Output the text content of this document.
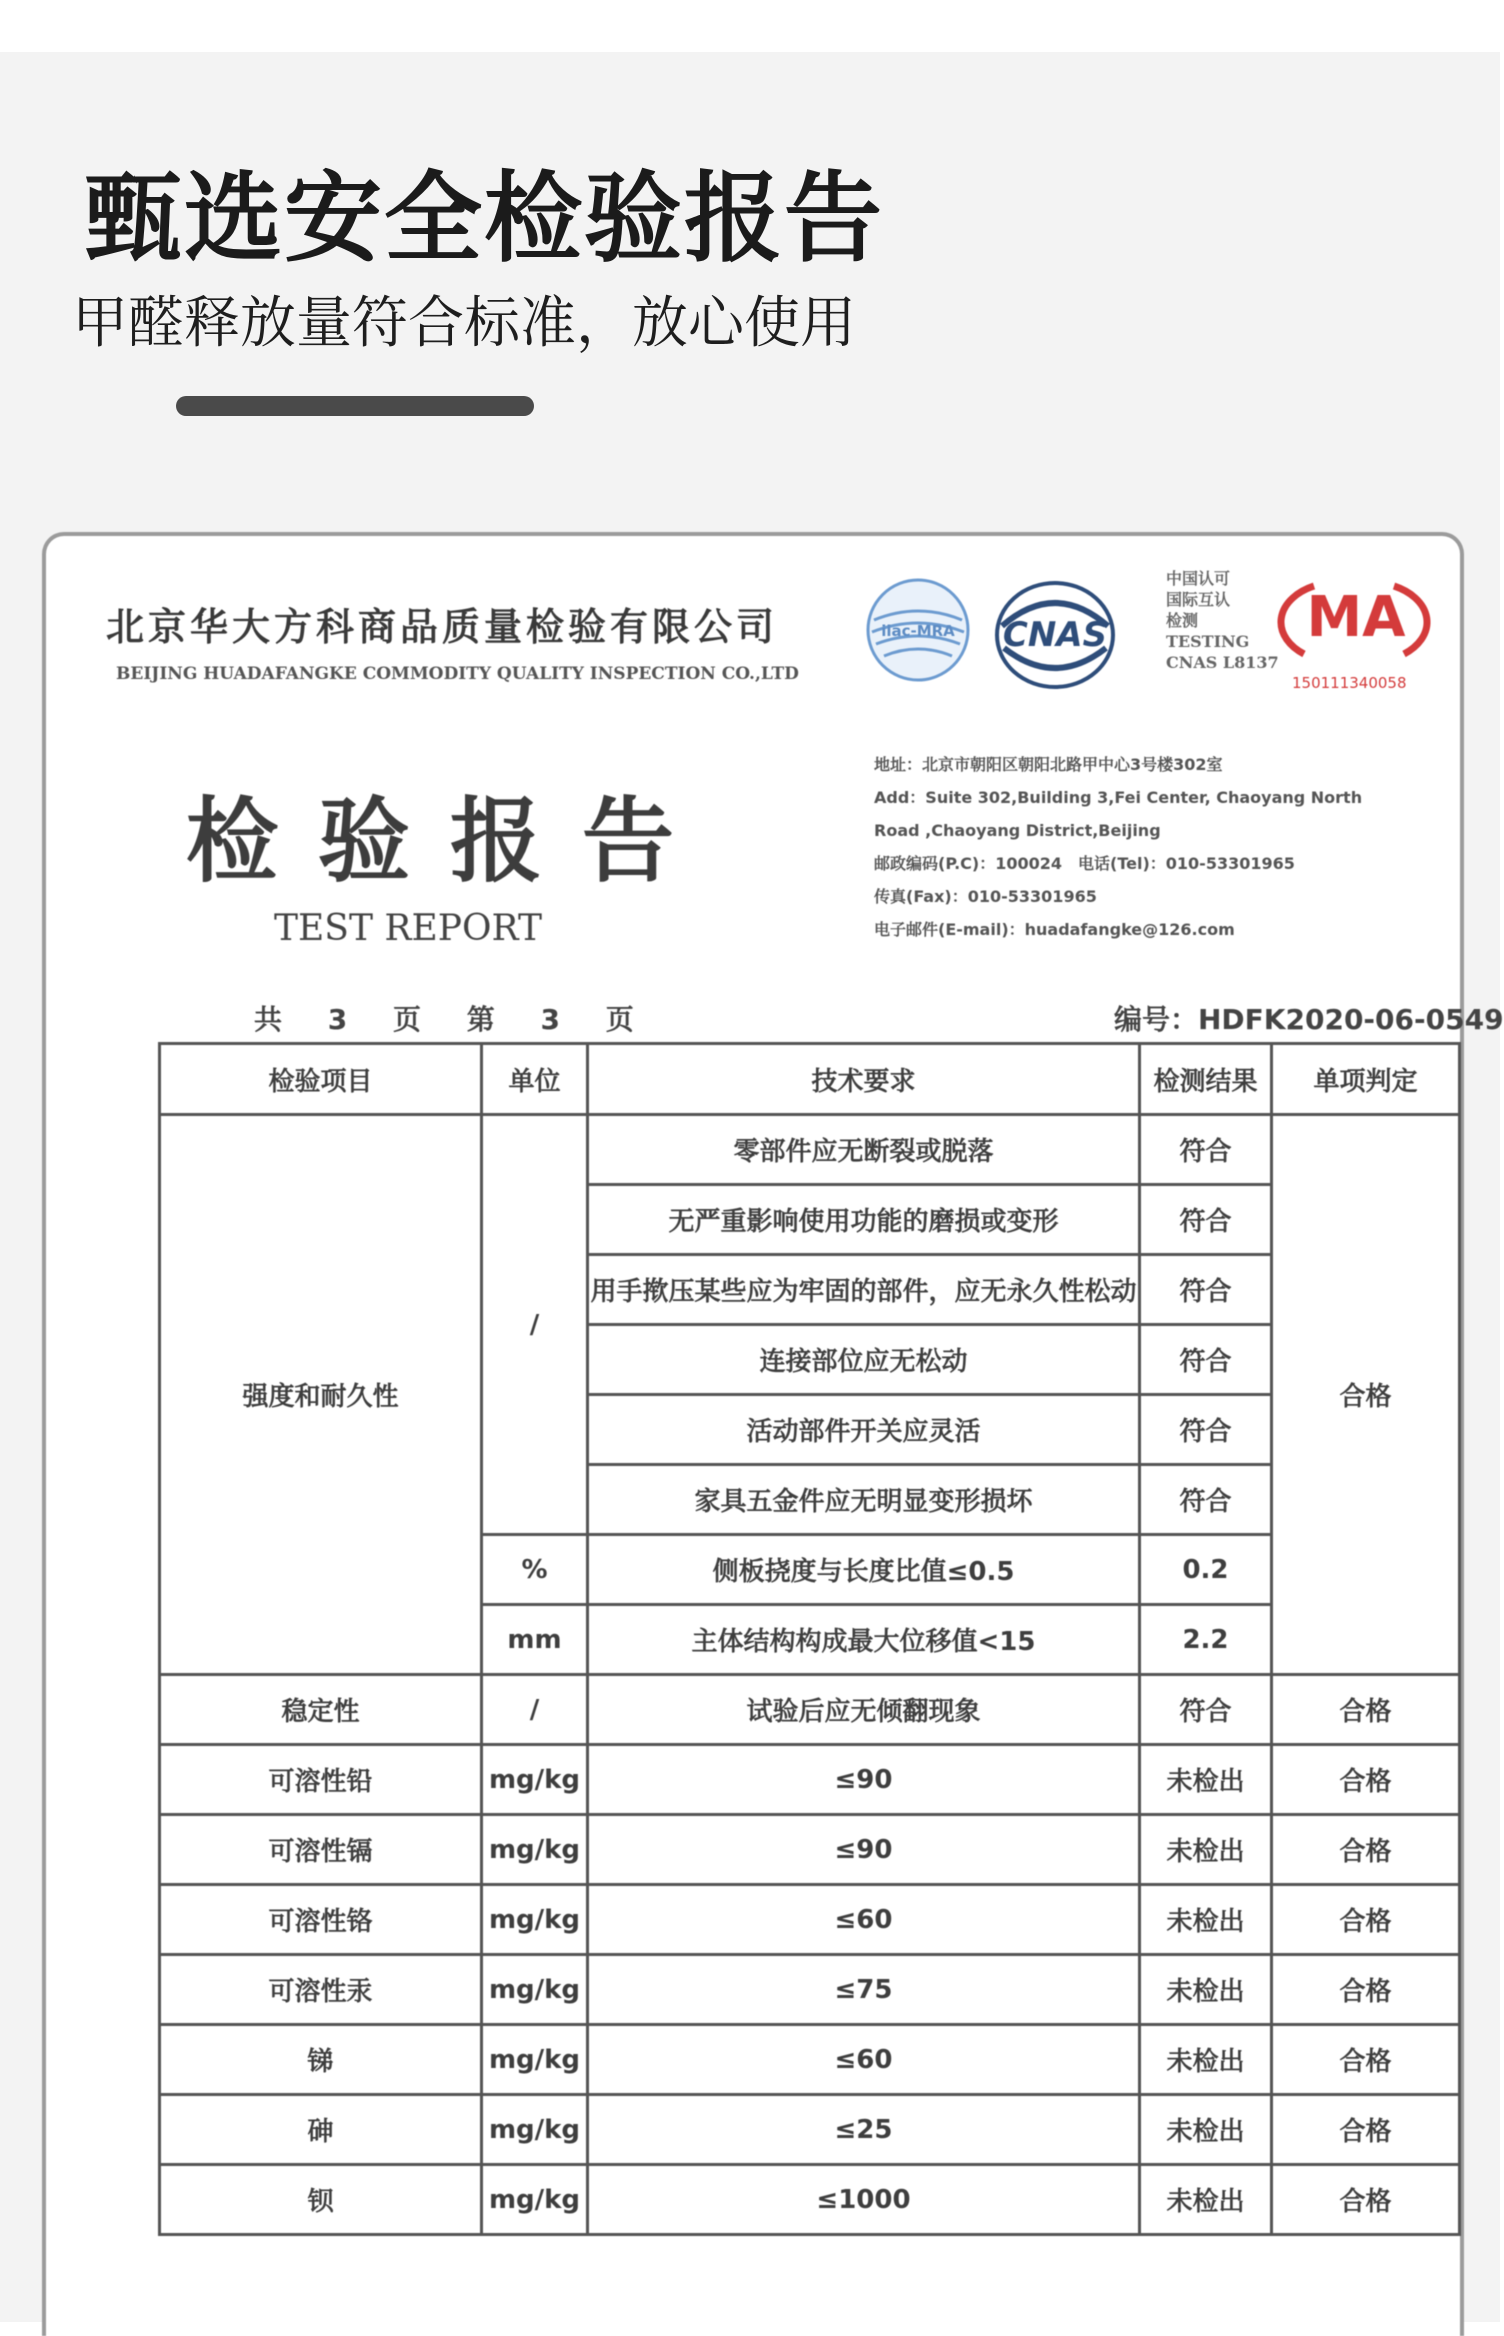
甄选安全检验报告
甲醛释放量符合标准，放心使用
北京华大方科商品质量检验有限公司
BEIJING HUADAFANGKE COMMODITY QUALITY INSPECTION CO.,LTD
ilac-MRA CNAS
中国认可
国际互认
检测
TESTING
CNAS L8137
MA
150111340058
检验报告
TEST REPORT
地址：北京市朝阳区朝阳北路甲中心3号楼302室
Add：Suite 302,Building 3,Fei Center, Chaoyang North
Road ,Chaoyang District,Beijing
邮政编码(P.C)：100024　电话(Tel)：010-53301965
传真(Fax)：010-53301965
电子邮件(E-mail)：huadafangke@126.com
共 3 页 第 3 页	编号：HDFK2020-06-0549
检验项目	单位	技术要求	检测结果	单项判定
强度和耐久性	/	零部件应无断裂或脱落	符合	合格
		无严重影响使用功能的磨损或变形	符合	
		用手揿压某些应为牢固的部件，应无永久性松动	符合	
		连接部位应无松动	符合	
		活动部件开关应灵活	符合	
		家具五金件应无明显变形损坏	符合	
	%	侧板挠度与长度比值≤0.5	0.2	
	mm	主体结构构成最大位移值<15	2.2	
稳定性	/	试验后应无倾翻现象	符合	合格
可溶性铅	mg/kg	≤90	未检出	合格
可溶性镉	mg/kg	≤90	未检出	合格
可溶性铬	mg/kg	≤60	未检出	合格
可溶性汞	mg/kg	≤75	未检出	合格
锑	mg/kg	≤60	未检出	合格
砷	mg/kg	≤25	未检出	合格
钡	mg/kg	≤1000	未检出	合格
